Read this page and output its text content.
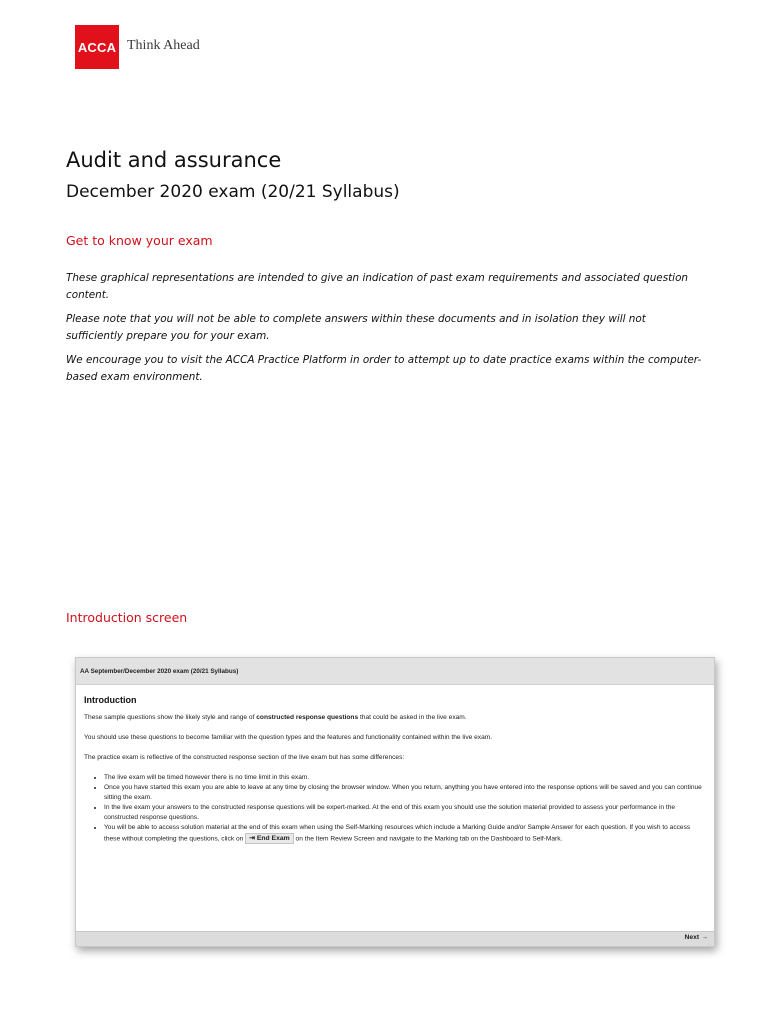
ACCA Think Ahead
Audit and assurance
December 2020 exam (20/21 Syllabus)
Get to know your exam

These graphical representations are intended to give an indication of past exam requirements and associated question content.

Please note that you will not be able to complete answers within these documents and in isolation they will not sufficiently prepare you for your exam.

We encourage you to visit the ACCA Practice Platform in order to attempt up to date practice exams within the computer-based exam environment.

Introduction screen
AA September/December 2020 exam (20/21 Syllabus)
Introduction

These sample questions show the likely style and range of constructed response questions that could be asked in the live exam.

You should use these questions to become familiar with the question types and the features and functionality contained within the live exam.

The practice exam is reflective of the constructed response section of the live exam but has some differences:

• The live exam will be timed however there is no time limit in this exam.
• Once you have started this exam you are able to leave at any time by closing the browser window. When you return, anything you have entered into the response options will be saved and you can continue sitting the exam.
• In the live exam your answers to the constructed response questions will be expert-marked. At the end of this exam you should use the solution material provided to assess your performance in the constructed response questions.
• You will be able to access solution material at the end of this exam when using the Self-Marking resources which include a Marking Guide and/or Sample Answer for each question. If you wish to access these without completing the questions, click on ⇥ End Exam on the Item Review Screen and navigate to the Marking tab on the Dashboard to Self-Mark.
Next →
